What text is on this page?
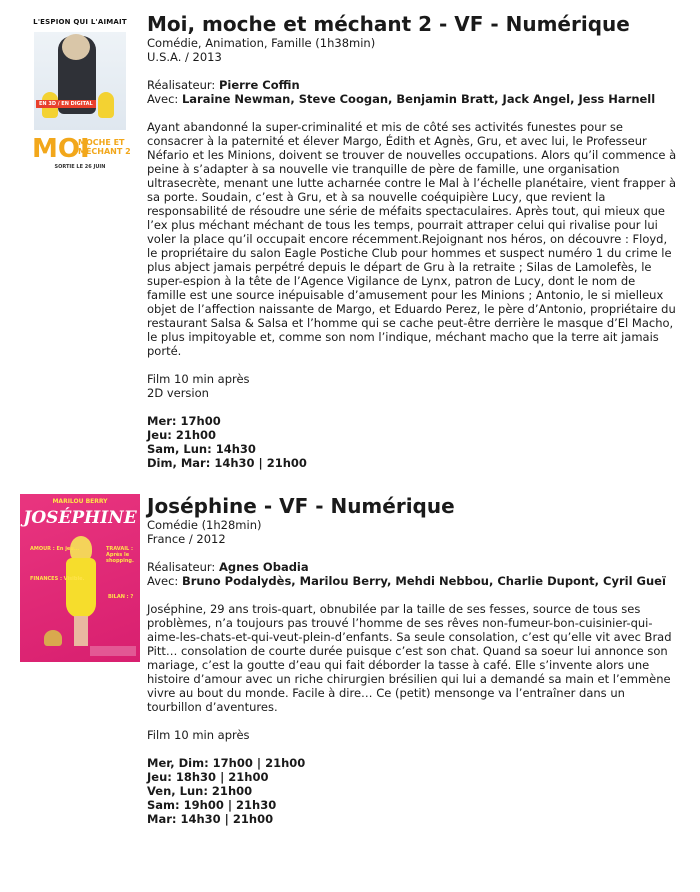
L'ESPION QUI L'AIMAIT
EN 3D / EN DIGITAL
MOI
MOCHE ET MÉCHANT 2
SORTIE LE 26 JUIN
Moi, moche et méchant 2 - VF - Numérique
Comédie, Animation, Famille (1h38min)
U.S.A. / 2013
Réalisateur: Pierre Coffin
Avec: Laraine Newman, Steve Coogan, Benjamin Bratt, Jack Angel, Jess Harnell

Ayant abandonné la super-criminalité et mis de côté ses activités funestes pour se consacrer à la paternité et élever Margo, Édith et Agnès, Gru, et avec lui, le Professeur Néfario et les Minions, doivent se trouver de nouvelles occupations. Alors qu’il commence à peine à s’adapter à sa nouvelle vie tranquille de père de famille, une organisation ultrasecrète, menant une lutte acharnée contre le Mal à l’échelle planétaire, vient frapper à sa porte. Soudain, c’est à Gru, et à sa nouvelle coéquipière Lucy, que revient la responsabilité de résoudre une série de méfaits spectaculaires. Après tout, qui mieux que l’ex plus méchant méchant de tous les temps, pourrait attraper celui qui rivalise pour lui voler la place qu’il occupait encore récemment.Rejoignant nos héros, on découvre : Floyd, le propriétaire du salon Eagle Postiche Club pour hommes et suspect numéro 1 du crime le plus abject jamais perpétré depuis le départ de Gru à la retraite ; Silas de Lamolefès, le super-espion à la tête de l’Agence Vigilance de Lynx, patron de Lucy, dont le nom de famille est une source inépuisable d’amusement pour les Minions ; Antonio, le si mielleux objet de l’affection naissante de Margo, et Eduardo Perez, le père d’Antonio, propriétaire du restaurant Salsa & Salsa et l’homme qui se cache peut-être derrière le masque d’El Macho, le plus impitoyable et, comme son nom l’indique, méchant macho que la terre ait jamais porté.

Film 10 min après
2D version
Mer: 17h00
Jeu: 21h00
Sam, Lun: 14h30
Dim, Mar: 14h30 | 21h00
MARILOU BERRY
JOSÉPHINE
AMOUR : En jeu...	TRAVAIL : Après le shopping.
FINANCES : Visible.
BILAN : ?
Joséphine - VF - Numérique
Comédie (1h28min)
France / 2012
Réalisateur: Agnes Obadia
Avec: Bruno Podalydès, Marilou Berry, Mehdi Nebbou, Charlie Dupont, Cyril Gueï

Joséphine, 29 ans trois-quart, obnubilée par la taille de ses fesses, source de tous ses problèmes, n’a toujours pas trouvé l’homme de ses rêves non-fumeur-bon-cuisinier-qui-aime-les-chats-et-qui-veut-plein-d’enfants. Sa seule consolation, c’est qu’elle vit avec Brad Pitt… consolation de courte durée puisque c’est son chat. Quand sa soeur lui annonce son mariage, c’est la goutte d’eau qui fait déborder la tasse à café. Elle s’invente alors une histoire d’amour avec un riche chirurgien brésilien qui lui a demandé sa main et l’emmène vivre au bout du monde. Facile à dire… Ce (petit) mensonge va l’entraîner dans un tourbillon d’aventures.

Film 10 min après
Mer, Dim: 17h00 | 21h00
Jeu: 18h30 | 21h00
Ven, Lun: 21h00
Sam: 19h00 | 21h30
Mar: 14h30 | 21h00
